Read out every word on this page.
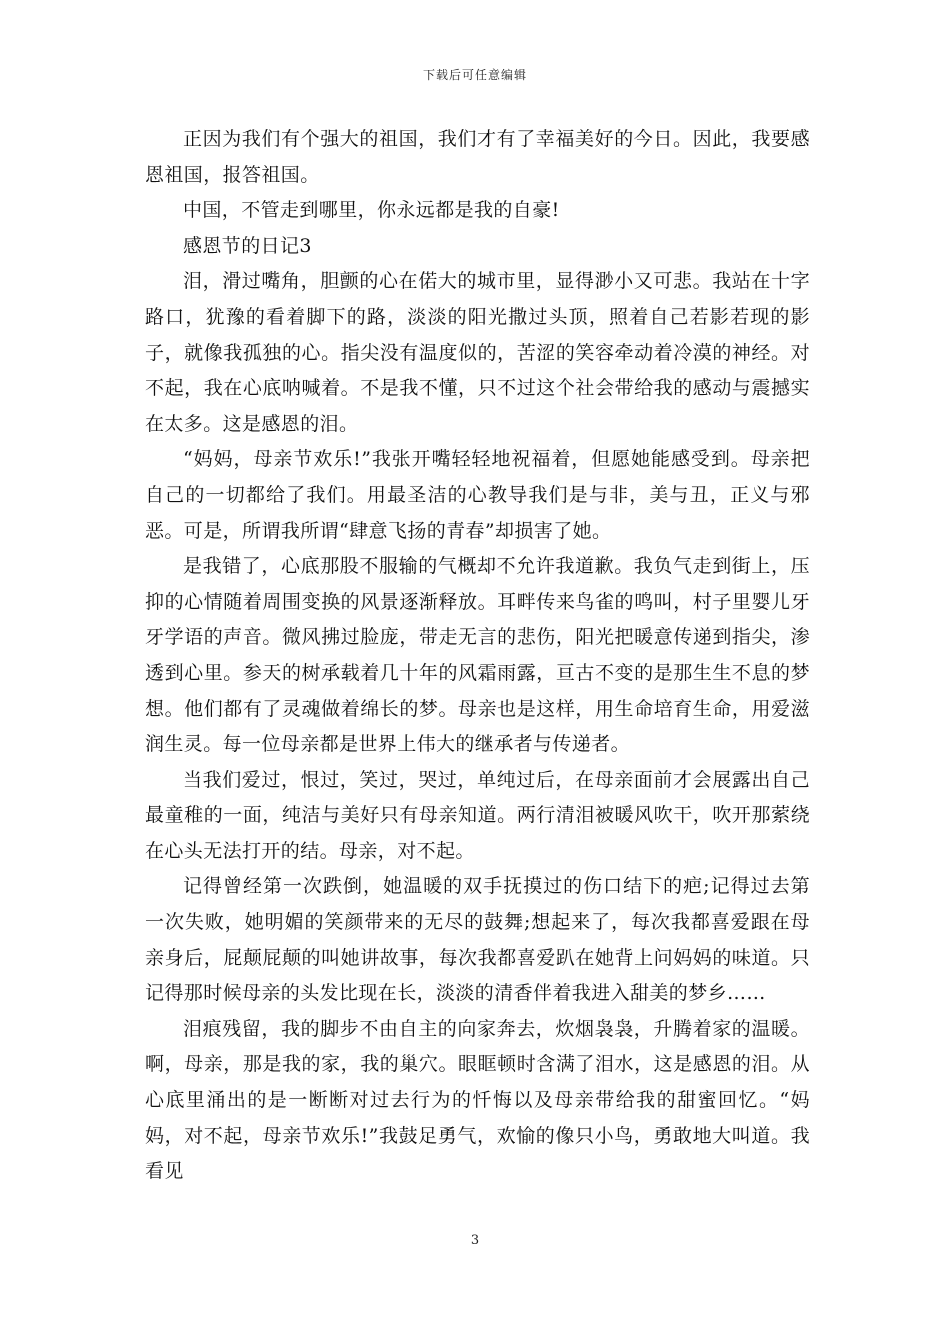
下载后可任意编辑

正因为我们有个强大的祖国，我们才有了幸福美好的今日。因此，我要感恩祖国，报答祖国。

中国，不管走到哪里，你永远都是我的自豪!

感恩节的日记3

泪，滑过嘴角，胆颤的心在偌大的城市里，显得渺小又可悲。我站在十字路口，犹豫的看着脚下的路，淡淡的阳光撒过头顶，照着自己若影若现的影子，就像我孤独的心。指尖没有温度似的，苦涩的笑容牵动着冷漠的神经。对不起，我在心底呐喊着。不是我不懂，只不过这个社会带给我的感动与震撼实在太多。这是感恩的泪。

“妈妈，母亲节欢乐!”我张开嘴轻轻地祝福着，但愿她能感受到。母亲把自己的一切都给了我们。用最圣洁的心教导我们是与非，美与丑，正义与邪恶。可是，所谓我所谓“肆意飞扬的青春”却损害了她。

是我错了，心底那股不服输的气概却不允许我道歉。我负气走到街上，压抑的心情随着周围变换的风景逐渐释放。耳畔传来鸟雀的鸣叫，村子里婴儿牙牙学语的声音。微风拂过脸庞，带走无言的悲伤，阳光把暖意传递到指尖，渗透到心里。参天的树承载着几十年的风霜雨露，亘古不变的是那生生不息的梦想。他们都有了灵魂做着绵长的梦。母亲也是这样，用生命培育生命，用爱滋润生灵。每一位母亲都是世界上伟大的继承者与传递者。

当我们爱过，恨过，笑过，哭过，单纯过后，在母亲面前才会展露出自己最童稚的一面，纯洁与美好只有母亲知道。两行清泪被暖风吹干，吹开那萦绕在心头无法打开的结。母亲，对不起。

记得曾经第一次跌倒，她温暖的双手抚摸过的伤口结下的疤;记得过去第一次失败，她明媚的笑颜带来的无尽的鼓舞;想起来了，每次我都喜爱跟在母亲身后，屁颠屁颠的叫她讲故事，每次我都喜爱趴在她背上问妈妈的味道。只记得那时候母亲的头发比现在长，淡淡的清香伴着我进入甜美的梦乡……

泪痕残留，我的脚步不由自主的向家奔去，炊烟袅袅，升腾着家的温暖。啊，母亲，那是我的家，我的巢穴。眼眶顿时含满了泪水，这是感恩的泪。从心底里涌出的是一断断对过去行为的忏悔以及母亲带给我的甜蜜回忆。“妈妈，对不起，母亲节欢乐!”我鼓足勇气，欢愉的像只小鸟，勇敢地大叫道。我看见

3
